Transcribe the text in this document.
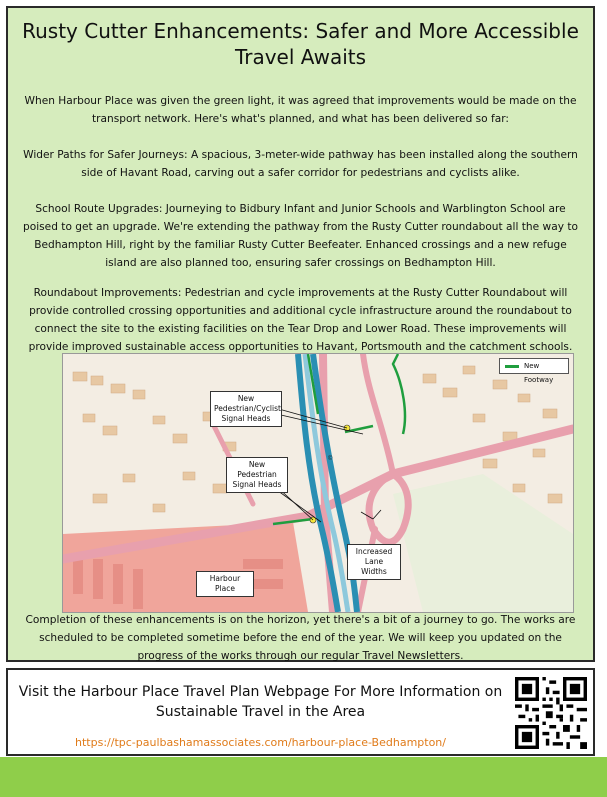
Rusty Cutter Enhancements: Safer and More Accessible Travel Awaits

When Harbour Place was given the green light, it was agreed that improvements would be made on the transport network. Here's what's planned, and what has been delivered so far:

Wider Paths for Safer Journeys: A spacious, 3-meter-wide pathway has been installed along the southern side of Havant Road, carving out a safer corridor for pedestrians and cyclists alike.

School Route Upgrades: Journeying to Bidbury Infant and Junior Schools and Warblington School are poised to get an upgrade. We're extending the pathway from the Rusty Cutter roundabout all the way to Bedhampton Hill, right by the familiar Rusty Cutter Beefeater. Enhanced crossings and a new refuge island are also planned too, ensuring safer crossings on Bedhampton Hill.

Roundabout Improvements: Pedestrian and cycle improvements at the Rusty Cutter Roundabout will provide controlled crossing opportunities and additional cycle infrastructure around the roundabout to connect the site to the existing facilities on the Tear Drop and Lower Road. These improvements will provide improved sustainable access opportunities to Havant, Portsmouth and the catchment schools.

©
New Footway
New Pedestrian/Cyclist Signal Heads
New Pedestrian Signal Heads
Increased Lane Widths
Harbour Place

Completion of these enhancements is on the horizon, yet there's a bit of a journey to go. The works are scheduled to be completed sometime before the end of the year. We will keep you updated on the progress of the works through our regular Travel Newsletters.

Visit the Harbour Place Travel Plan Webpage For More Information on Sustainable Travel in the Area
https://tpc-paulbashamassociates.com/harbour-place-Bedhampton/
